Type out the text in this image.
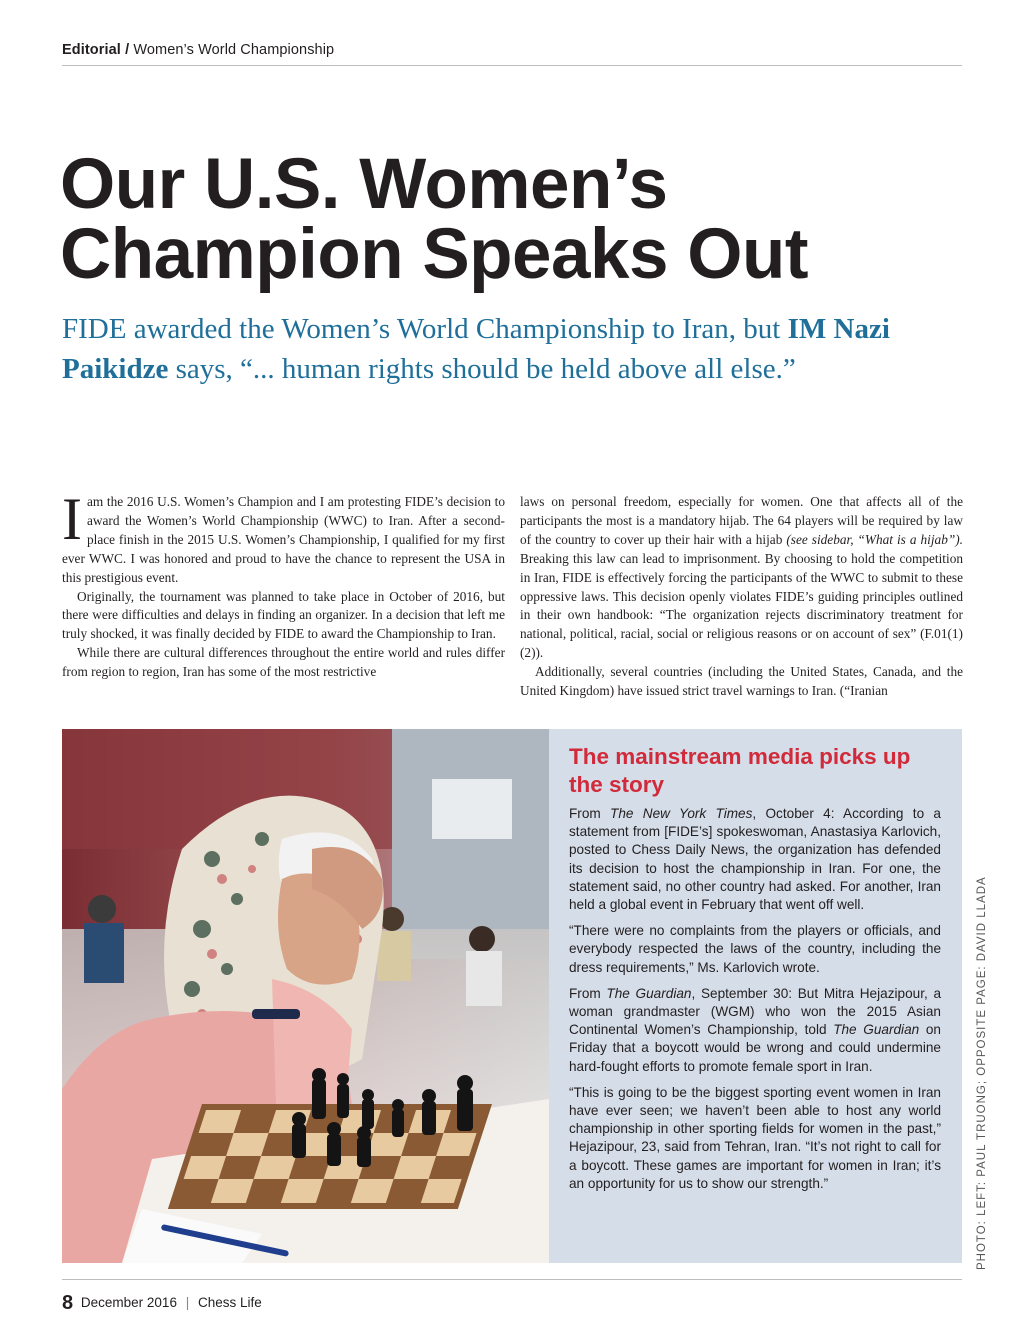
Editorial / Women’s World Championship
Our U.S. Women’s
Champion Speaks Out
FIDE awarded the Women’s World Championship to Iran, but IM Nazi Paikidze says, “... human rights should be held above all else.”

Iam the 2016 U.S. Women’s Champion and I am protesting FIDE’s decision to award the Women’s World Championship (WWC) to Iran. After a second-place finish in the 2015 U.S. Women’s Championship, I qualified for my first ever WWC. I was honored and proud to have the chance to represent the USA in this prestigious event.

Originally, the tournament was planned to take place in October of 2016, but there were difficulties and delays in finding an organizer. In a decision that left me truly shocked, it was finally decided by FIDE to award the Championship to Iran.

While there are cultural differences throughout the entire world and rules differ from region to region, Iran has some of the most restrictive

laws on personal freedom, especially for women. One that affects all of the participants the most is a mandatory hijab. The 64 players will be required by law of the country to cover up their hair with a hijab (see sidebar, “What is a hijab”). Breaking this law can lead to imprisonment. By choosing to hold the competition in Iran, FIDE is effectively forcing the participants of the WWC to submit to these oppressive laws. This decision openly violates FIDE’s guiding principles outlined in their own handbook: “The organization rejects discriminatory treatment for national, political, racial, social or religious reasons or on account of sex” (F.01(1)(2)).

Additionally, several countries (including the United States, Canada, and the United Kingdom) have issued strict travel warnings to Iran. (“Iranian

The mainstream media picks up the story

From The New York Times, October 4: According to a statement from [FIDE’s] spokeswoman, Anastasiya Karlovich, posted to Chess Daily News, the organization has defended its decision to host the championship in Iran. For one, the statement said, no other country had asked. For another, Iran held a global event in February that went off well.

“There were no complaints from the players or officials, and everybody respected the laws of the country, including the dress requirements,” Ms. Karlovich wrote.

From The Guardian, September 30: But Mitra Hejazipour, a woman grandmaster (WGM) who won the 2015 Asian Continental Women’s Championship, told The Guardian on Friday that a boycott would be wrong and could undermine hard-fought efforts to promote female sport in Iran.

“This is going to be the biggest sporting event women in Iran have ever seen; we haven’t been able to host any world championship in other sporting fields for women in the past,” Hejazipour, 23, said from Tehran, Iran. “It’s not right to call for a boycott. These games are important for women in Iran; it’s an opportunity for us to show our strength.”	PHOTO: LEFT: PAUL TRUONG; OPPOSITE PAGE: DAVID LLADA
8 December 2016 | Chess Life
